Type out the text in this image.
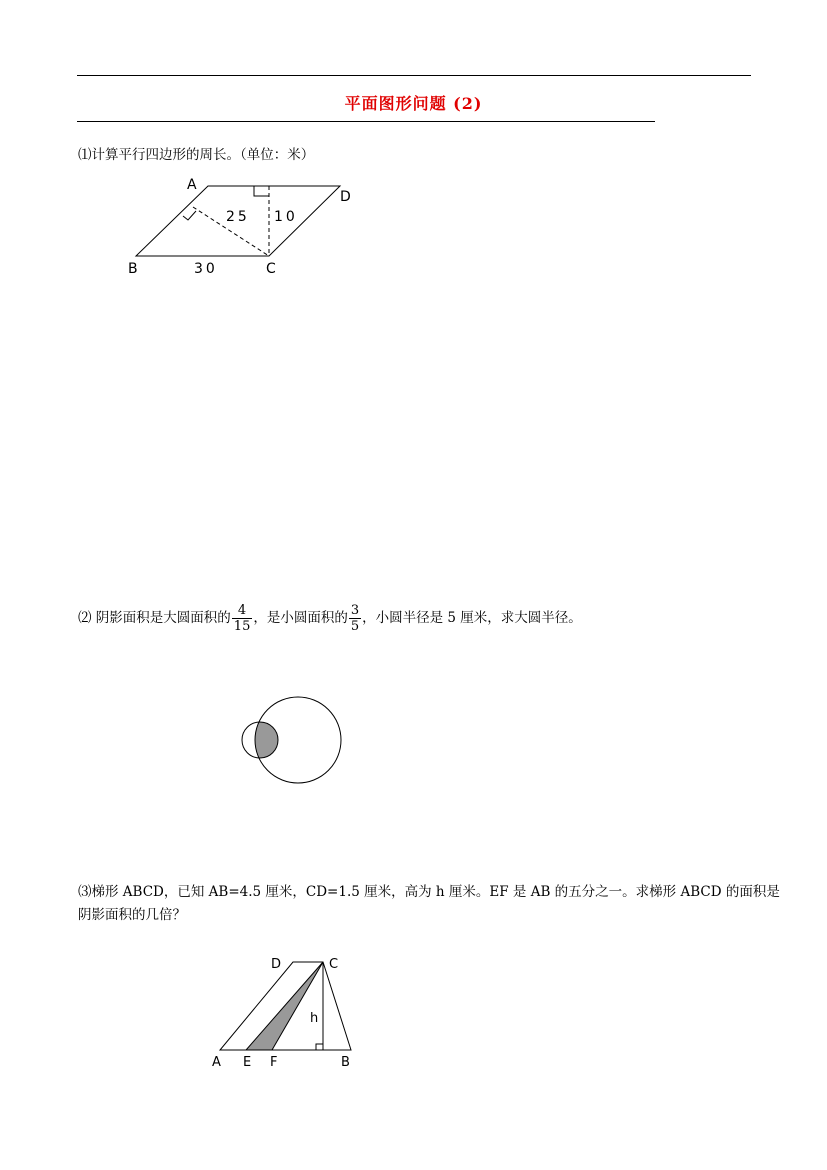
平面图形问题 (2)
⑴计算平行四边形的周长。（单位：米）
A
B	C
D
25 10
30
⑵ 阴影面积是大圆面积的 $\frac{4}{15}$ ，是小圆面积的 $\frac{3}{5}$ ，小圆半径是 5 厘米，求大圆半径。
⑶梯形 ABCD，已知 AB=4.5 厘米，CD=1.5 厘米，高为 h 厘米。EF 是 AB 的五分之一。求梯形 ABCD 的面积是
阴影面积的几倍？
D	C
h
A E F	B
